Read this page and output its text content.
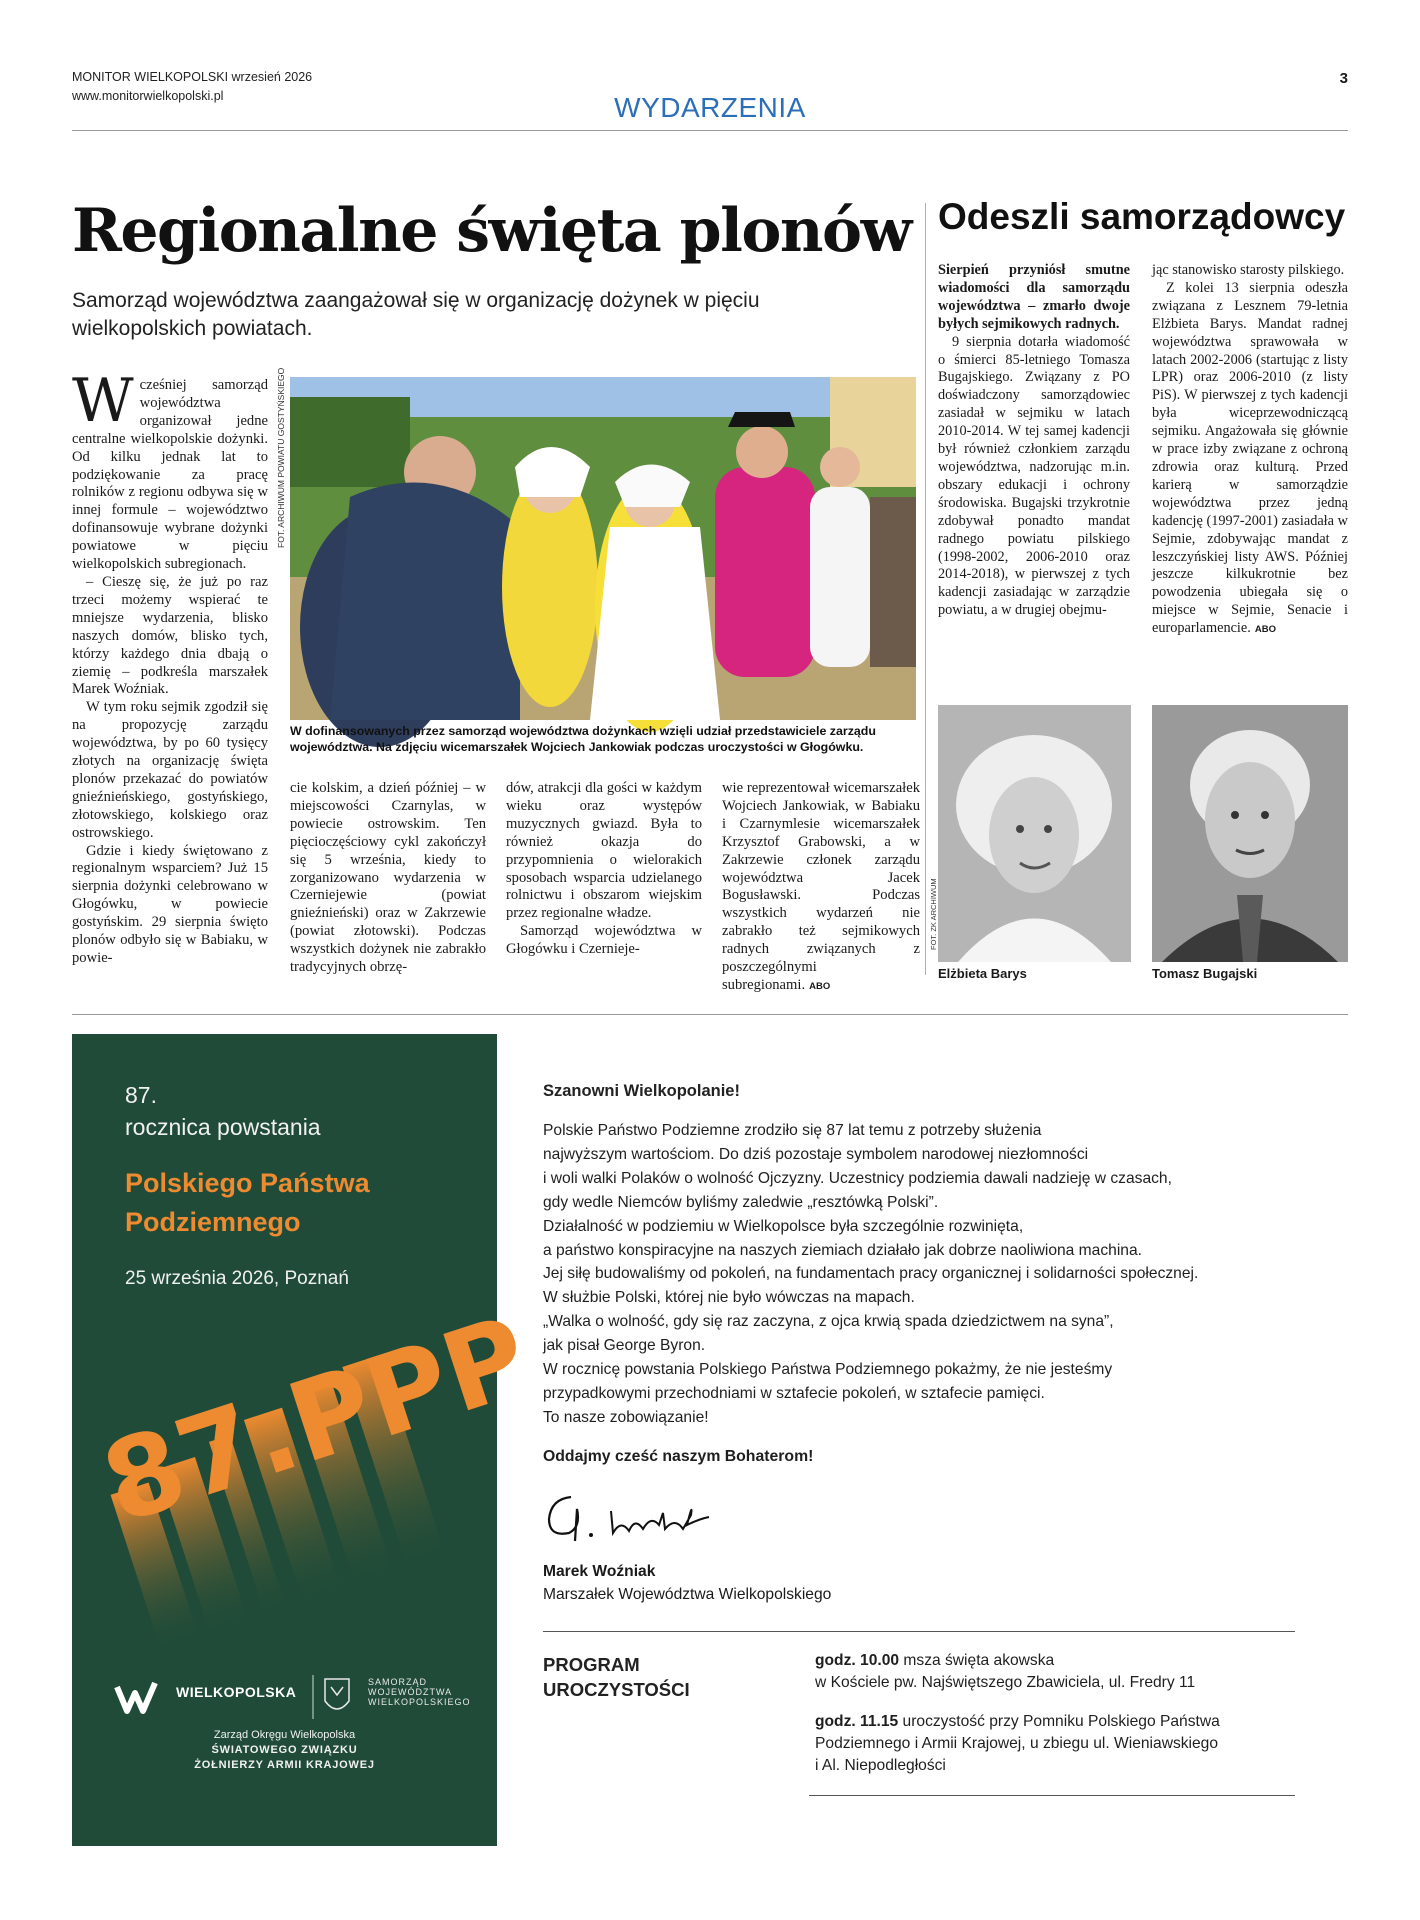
MONITOR WIELKOPOLSKI wrzesień 2026
www.monitorwielkopolski.pl
3
WYDARZENIA
Regionalne święta plonów

Samorząd województwa zaangażował się w organizację dożynek w pięciu wielkopolskich powiatach.

Wcześniej samorząd województwa organizował jedne centralne wielkopolskie dożynki. Od kilku jednak lat to podziękowanie za pracę rolników z regionu odbywa się w innej formule – województwo dofinansowuje wybrane dożynki powiatowe w pięciu wielkopolskich subregionach.

– Cieszę się, że już po raz trzeci możemy wspierać te mniejsze wydarzenia, blisko naszych domów, blisko tych, którzy każdego dnia dbają o ziemię – podkreśla marszałek Marek Woźniak.

W tym roku sejmik zgodził się na propozycję zarządu województwa, by po 60 tysięcy złotych na organizację święta plonów przekazać do powiatów gnieźnieńskiego, gostyńskiego, złotowskiego, kolskiego oraz ostrowskiego.

Gdzie i kiedy świętowano z regionalnym wsparciem? Już 15 sierpnia dożynki celebrowano w Głogówku, w powiecie gostyńskim. 29 sierpnia święto plonów odbyło się w Babiaku, w powie-

FOT. ARCHIWUM POWIATU GOSTYŃSKIEGO
W dofinansowanych przez samorząd województwa dożynkach wzięli udział przedstawiciele zarządu województwa. Na zdjęciu wicemarszałek Wojciech Jankowiak podczas uroczystości w Głogówku.

cie kolskim, a dzień później – w miejscowości Czarnylas, w powiecie ostrowskim. Ten pięcioczęściowy cykl zakończył się 5 września, kiedy to zorganizowano wydarzenia w Czerniejewie (powiat gnieźnieński) oraz w Zakrzewie (powiat złotowski). Podczas wszystkich dożynek nie zabrakło tradycyjnych obrzę-

dów, atrakcji dla gości w każdym wieku oraz występów muzycznych gwiazd. Była to również okazja do przypomnienia o wielorakich sposobach wsparcia udzielanego rolnictwu i obszarom wiejskim przez regionalne władze.

Samorząd województwa w Głogówku i Czernieje-

wie reprezentował wicemarszałek Wojciech Jankowiak, w Babiaku i Czarnymlesie wicemarszałek Krzysztof Grabowski, a w Zakrzewie członek zarządu województwa Jacek Bogusławski. Podczas wszystkich wydarzeń nie zabrakło też sejmikowych radnych związanych z poszczególnymi subregionami. ABO

Odeszli samorządowcy

Sierpień przyniósł smutne wiadomości dla samorządu województwa – zmarło dwoje byłych sejmikowych radnych.

9 sierpnia dotarła wiadomość o śmierci 85-letniego Tomasza Bugajskiego. Związany z PO doświadczony samorządowiec zasiadał w sejmiku w latach 2010-2014. W tej samej kadencji był również członkiem zarządu województwa, nadzorując m.in. obszary edukacji i ochrony środowiska. Bugajski trzykrotnie zdobywał ponadto mandat radnego powiatu pilskiego (1998-2002, 2006-2010 oraz 2014-2018), w pierwszej z tych kadencji zasiadając w zarządzie powiatu, a w drugiej obejmu-

jąc stanowisko starosty pilskiego.

Z kolei 13 sierpnia odeszła związana z Lesznem 79-letnia Elżbieta Barys. Mandat radnej województwa sprawowała w latach 2002-2006 (startując z listy LPR) oraz 2006-2010 (z listy PiS). W pierwszej z tych kadencji była wiceprzewodniczącą sejmiku. Angażowała się głównie w prace izby związane z ochroną zdrowia oraz kulturą. Przed karierą w samorządzie województwa przez jedną kadencję (1997-2001) zasiadała w Sejmie, zdobywając mandat z leszczyńskiej listy AWS. Później jeszcze kilkukrotnie bez powodzenia ubiegała się o miejsce w Sejmie, Senacie i europarlamencie. ABO

FOT. ZK ARCHIWUM
Elżbieta Barys	Tomasz Bugajski
87.
rocznica powstania
Polskiego Państwa
Podziemnego
25 września 2026, Poznań
87.PPP
WIELKOPOLSKA
SAMORZĄD
WOJEWÓDZTWA
WIELKOPOLSKIEGO
Zarząd Okręgu Wielkopolska
ŚWIATOWEGO ZWIĄZKU
ŻOŁNIERZY ARMII KRAJOWEJ
Szanowni Wielkopolanie!
Polskie Państwo Podziemne zrodziło się 87 lat temu z potrzeby służenia
najwyższym wartościom. Do dziś pozostaje symbolem narodowej niezłomności
i woli walki Polaków o wolność Ojczyzny. Uczestnicy podziemia dawali nadzieję w czasach,
gdy wedle Niemców byliśmy zaledwie „resztówką Polski”.
Działalność w podziemiu w Wielkopolsce była szczególnie rozwinięta,
a państwo konspiracyjne na naszych ziemiach działało jak dobrze naoliwiona machina.
Jej siłę budowaliśmy od pokoleń, na fundamentach pracy organicznej i solidarności społecznej.
W służbie Polski, której nie było wówczas na mapach.
„Walka o wolność, gdy się raz zaczyna, z ojca krwią spada dziedzictwem na syna”,
jak pisał George Byron.
W rocznicę powstania Polskiego Państwa Podziemnego pokażmy, że nie jesteśmy
przypadkowymi przechodniami w sztafecie pokoleń, w sztafecie pamięci.
To nasze zobowiązanie!
Oddajmy cześć naszym Bohaterom!
Marek Woźniak
Marszałek Województwa Wielkopolskiego
PROGRAM
UROCZYSTOŚCI
godz. 10.00 msza święta akowska
w Kościele pw. Najświętszego Zbawiciela, ul. Fredry 11
godz. 11.15 uroczystość przy Pomniku Polskiego Państwa
Podziemnego i Armii Krajowej, u zbiegu ul. Wieniawskiego
i Al. Niepodległości
